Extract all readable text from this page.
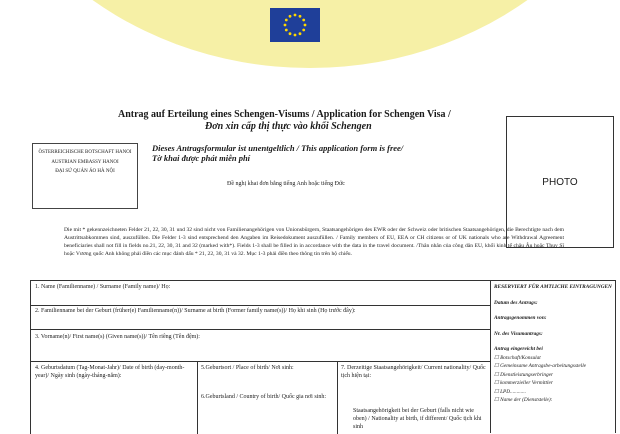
Antrag auf Erteilung eines Schengen-Visums / Application for Schengen Visa /
Đơn xin cấp thị thực vào khối Schengen
PHOTO
ÖSTERREICHISCHE BOTSCHAFT HANOI
AUSTRIAN EMBASSY HANOI
ĐẠI SỨ QUÁN ÁO HÀ NỘI
Dieses Antragsformular ist unentgeltlich / This application form is free/
Tờ khai được phát miễn phí
Đề nghị khai đơn bằng tiếng Anh hoặc tiếng Đức
Die mit * gekennzeichneten Felder 21, 22, 30, 31 und 32 sind nicht von Familienangehörigen von Unionsbürgern, Staatsangehörigen des EWR oder der Schweiz oder britischen Staatsangehörigen, die Berechtigte nach dem Austrittsabkommen sind, auszufüllen. Die Felder 1-3 sind entsprechend den Angaben im Reisedokument auszufüllen. / Family members of EU, EEA or CH citizens or of UK nationals who are Withdrawal Agreement beneficiaries shall not fill in fields no.21, 22, 30, 31 and 32 (marked with*). Fields 1-3 shall be filled in in accordance with the data in the travel document. /Thân nhân của công dân EU, khối kinh tế châu Âu hoặc Thụy Sĩ hoặc Vương quốc Anh không phải điền các mục đánh dấu * 21, 22, 30, 31 và 32. Mục 1-3 phải điền theo thông tin trên hộ chiếu.
1. Name (Familienname) / Surname (Family name)/ Họ:
2. Familienname bei der Geburt (früher(e) Familienname(n))/ Surname at birth (Former family name(s))/ Họ khi sinh (Họ trước đây):
3. Vorname(n)/ First name(s) (Given name(s))/ Tên riêng (Tên đệm):
4. Geburtsdatum (Tag-Monat-Jahr)/ Date of birth (day-month-year)/ Ngày sinh (ngày-tháng-năm):
5.Geburtsort / Place of birth/ Nơi sinh:
6.Geburtsland / Country of birth/ Quốc gia nơi sinh:
7. Derzeitige Staatsangehörigkeit/ Current nationality/ Quốc tịch hiện tại:
Staatsangehörigkeit bei der Geburt (falls nicht wie oben) / Nationality at birth, if different/ Quốc tịch khi sinh
RESERVIERT FÜR AMTLICHE EINTRAGUNGEN
Datum des Antrags:
Antragsgenommen von:
Nr. des Visumantrags:
Antrag eingereicht bei
☐ Botschaft/Konsulat
☐ Gemeinsame Antragsbe-arbeitungsstelle
☐ Dienstleistungserbringer
☐ kommerzieller Vermittler
☐ LPD............
☐ Name der (Dienststelle):
